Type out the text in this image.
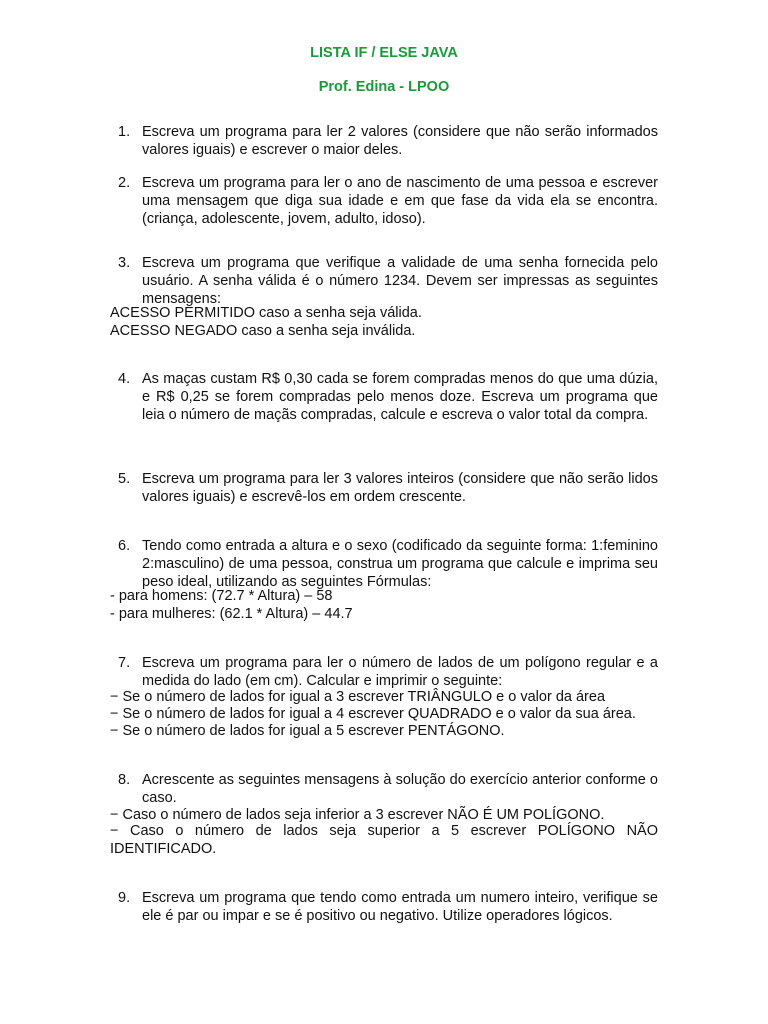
LISTA IF / ELSE JAVA
Prof. Edina - LPOO
1. Escreva um programa para ler 2 valores (considere que não serão informados valores iguais) e escrever o maior deles.
2. Escreva um programa para ler o ano de nascimento de uma pessoa e escrever uma mensagem que diga sua idade e em que fase da vida ela se encontra. (criança, adolescente, jovem, adulto, idoso).
3. Escreva um programa que verifique a validade de uma senha fornecida pelo usuário. A senha válida é o número 1234. Devem ser impressas as seguintes mensagens:
ACESSO PERMITIDO caso a senha seja válida.
ACESSO NEGADO caso a senha seja inválida.
4. As maças custam R$ 0,30 cada se forem compradas menos do que uma dúzia, e R$ 0,25 se forem compradas pelo menos doze. Escreva um programa que leia o número de maçãs compradas, calcule e escreva o valor total da compra.
5. Escreva um programa para ler 3 valores inteiros (considere que não serão lidos valores iguais) e escrevê-los em ordem crescente.
6. Tendo como entrada a altura e o sexo (codificado da seguinte forma: 1:feminino 2:masculino) de uma pessoa, construa um programa que calcule e imprima seu peso ideal, utilizando as seguintes Fórmulas:
- para homens: (72.7 * Altura) – 58
- para mulheres: (62.1 * Altura) – 44.7
7. Escreva um programa para ler o número de lados de um polígono regular e a medida do lado (em cm). Calcular e imprimir o seguinte:
− Se o número de lados for igual a 3 escrever TRIÂNGULO e o valor da área
− Se o número de lados for igual a 4 escrever QUADRADO e o valor da sua área.
− Se o número de lados for igual a 5 escrever PENTÁGONO.
8. Acrescente as seguintes mensagens à solução do exercício anterior conforme o caso.
− Caso o número de lados seja inferior a 3 escrever NÃO É UM POLÍGONO.
− Caso o número de lados seja superior a 5 escrever POLÍGONO NÃO IDENTIFICADO.
9. Escreva um programa que tendo como entrada um numero inteiro, verifique se ele é par ou impar e se é positivo ou negativo. Utilize operadores lógicos.
